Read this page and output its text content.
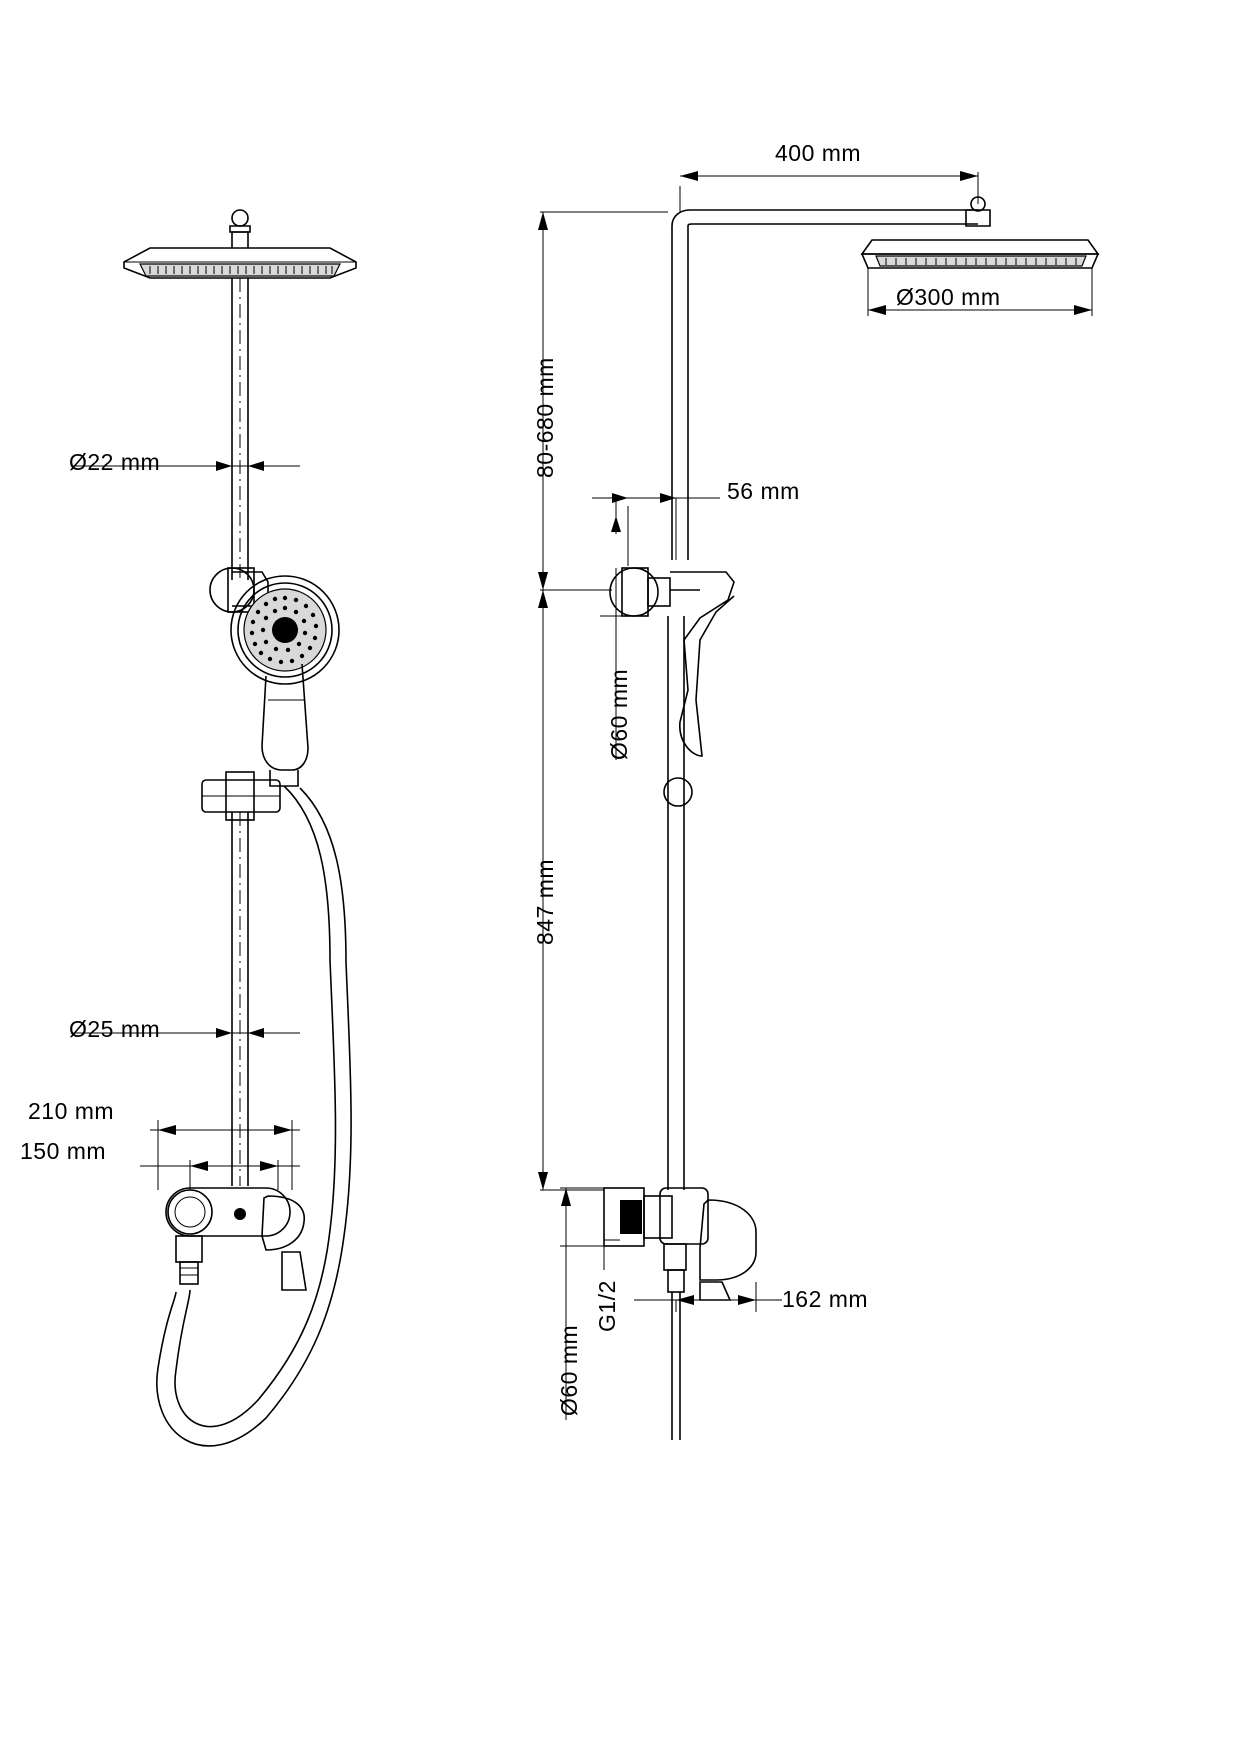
400 mm
Ø300 mm
80-680 mm
56 mm
Ø60 mm
847 mm
Ø60 mm
G1/2	162 mm
Ø22 mm
Ø25 mm
210 mm
150 mm
